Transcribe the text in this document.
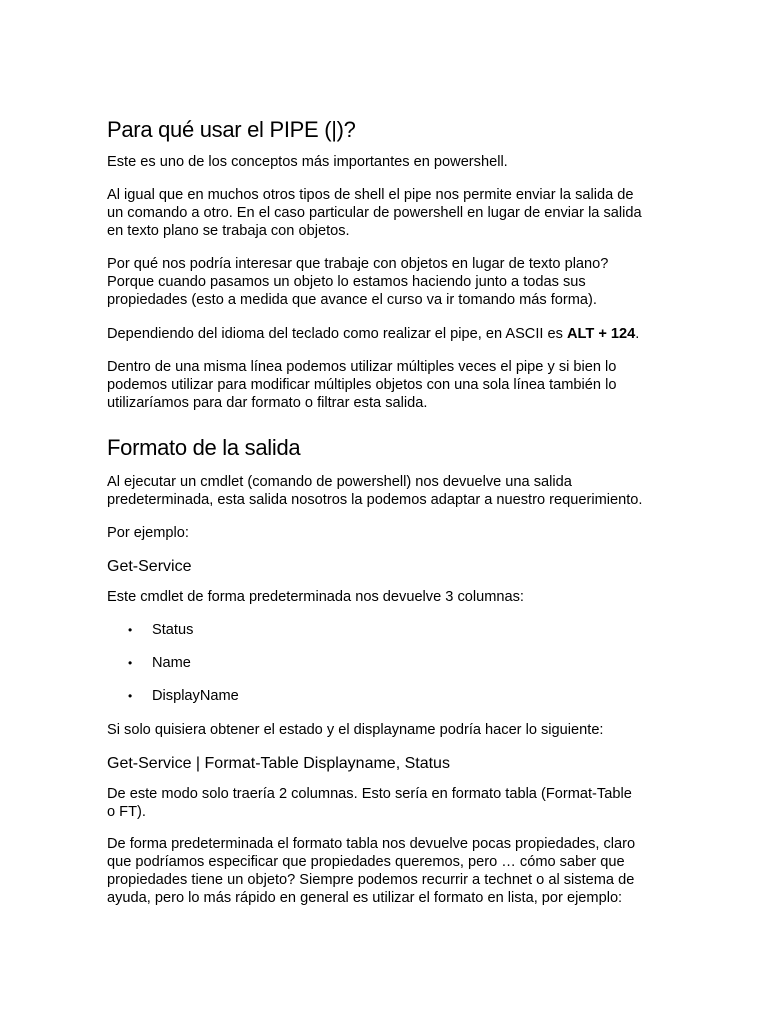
Para qué usar el PIPE (|)?

Este es uno de los conceptos más importantes en powershell.

Al igual que en muchos otros tipos de shell el pipe nos permite enviar la salida de

un comando a otro. En el caso particular de powershell en lugar de enviar la salida

en texto plano se trabaja con objetos.

Por qué nos podría interesar que trabaje con objetos en lugar de texto plano?

Porque cuando pasamos un objeto lo estamos haciendo junto a todas sus

propiedades (esto a medida que avance el curso va ir tomando más forma).

Dependiendo del idioma del teclado como realizar el pipe, en ASCII es ALT + 124.

Dentro de una misma línea podemos utilizar múltiples veces el pipe y si bien lo

podemos utilizar para modificar múltiples objetos con una sola línea también lo

utilizaríamos para dar formato o filtrar esta salida.

Formato de la salida

Al ejecutar un cmdlet (comando de powershell) nos devuelve una salida

predeterminada, esta salida nosotros la podemos adaptar a nuestro requerimiento.

Por ejemplo:

Get-Service

Este cmdlet de forma predeterminada nos devuelve 3 columnas:

• Status
• Name
• DisplayName

Si solo quisiera obtener el estado y el displayname podría hacer lo siguiente:

Get-Service | Format-Table Displayname, Status

De este modo solo traería 2 columnas. Esto sería en formato tabla (Format-Table

o FT).

De forma predeterminada el formato tabla nos devuelve pocas propiedades, claro

que podríamos especificar que propiedades queremos, pero … cómo saber que

propiedades tiene un objeto? Siempre podemos recurrir a technet o al sistema de

ayuda, pero lo más rápido en general es utilizar el formato en lista, por ejemplo:
